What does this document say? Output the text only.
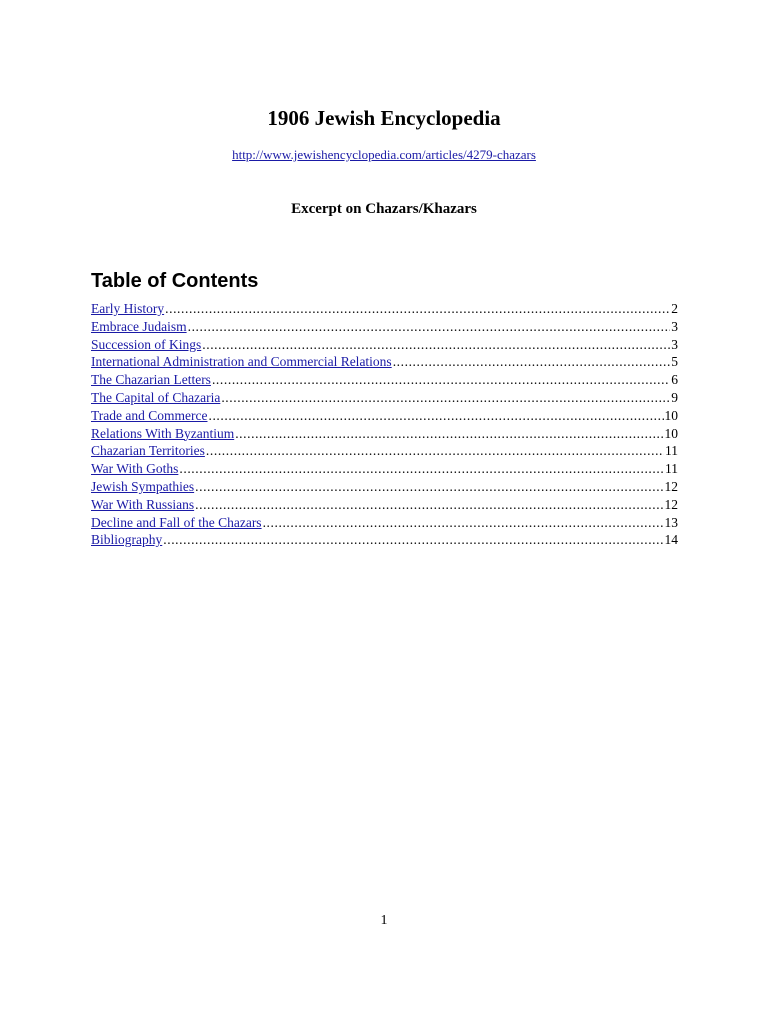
1906 Jewish Encyclopedia
http://www.jewishencyclopedia.com/articles/4279-chazars
Excerpt on Chazars/Khazars
Table of Contents
Early History .....	2
Embrace Judaism .....	3
Succession of Kings .....	3
International Administration and Commercial Relations .....	5
The Chazarian Letters .....	6
The Capital of Chazaria .....	9
Trade and Commerce .....	10
Relations With Byzantium .....	10
Chazarian Territories .....	11
War With Goths .....	11
Jewish Sympathies .....	12
War With Russians .....	12
Decline and Fall of the Chazars .....	13
Bibliography .....	14
1
